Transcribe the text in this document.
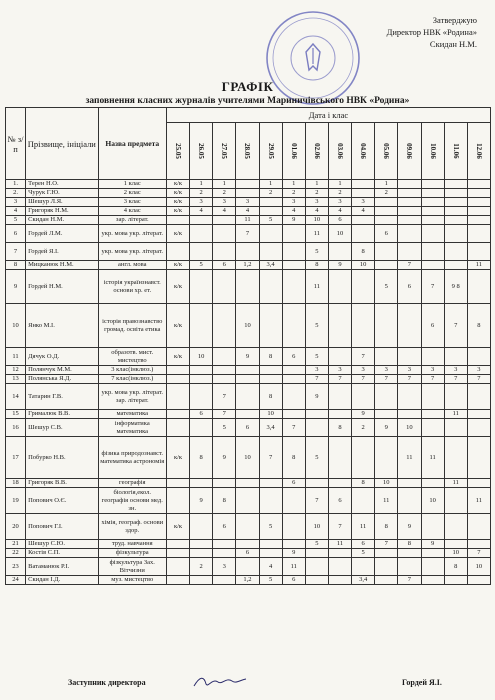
Затверджую
Директор НВК «Родина»
Скидан Н.М.
ГРАФІК
заповнення класних журналів учителями Мариничівського НВК «Родина»
№ з/п	Прізвище, ініціали	Назва предмета	Дата і клас													

			25.05	26.05	27.05	28.05	29.05	01.06	02.06	03.06	04.06	05.06	09.06	10.06	11.06	12.06

1.	Терен Н.О.	1 клас	к/к	1	1		1	1	1	1		1				
2.	Чурук Г.Ю.	2 клас	к/к	2	2		2	2	2	2		2				
3	Шешур Л.Я.	3 клас	к/к	3	3	3		3	3	3	3					
4	Григоряк Н.М.	4 клас	к/к	4	4	4		4	4	4	4					
5	Скидан Н.М.	зар. літерат.				11	5	9	10	6						
6	Гордей Л.М.	укр. мова укр. літерат.	к/к			7			11	10		6				
7	Гордей Я.І.	укр. мова укр. літерат.							5		8					
8	Мицканюк Н.М.	англ. мова	к/к	5	6	1,2	3,4		8	9	10		7			11
9	Гордей Н.М.	історія українзнавст. основи хр. ет.	к/к						11			5	6	7	9 8	
10	Янко М.І.	історія правознавство громад. освіта етика	к/к			10			5					6	7	8
11	Дячук О.Д.	образотв. мист. мистецтво	к/к	10		9	8	6	5		7					
12	Полянчук М.М.	3 клас(інклюз.)							3	3	3	3	3	3	3	3
13	Полянська Я.Д.	7 клас(інклюз.)							7	7	7	7	7	7	7	7
14	Татарин Г.В.	укр. мова укр. літерат. зар. літерат.			7		8		9							
15	Грималюк В.В.	математика		6	7		10				9				11	
16	Шешур С.В.	інформатика математика			5	6	3,4	7		8	2	9	10			
17	Побурко Н.В.	фізика природознавст. математика астрономія	к/к	8	9	10	7	8	5				11	11		
18	Григоряк В.В.	географія						6			8	10			11	
19	Попович О.Є.	біологія,екол. географія основи мед. зн.		9	8				7	6		11		10		11
20	Попович Г.І.	хімія, географ. основи здор.	к/к		6		5		10	7	11	8	9			
21	Шешур С.Ю.	труд. навчання							5	11	6	7	8	9		
22	Костів С.П.	фізкультура				6		9			5				10	7
23	Ватаманюк Р.І.	фізкультура Зах. Вітчизни		2	3		4	11							8	10
24	Скидан І.Д.	муз. мистецтво				1,2	5	6			3,4		7			
Заступник директора	Гордей Я.І.
